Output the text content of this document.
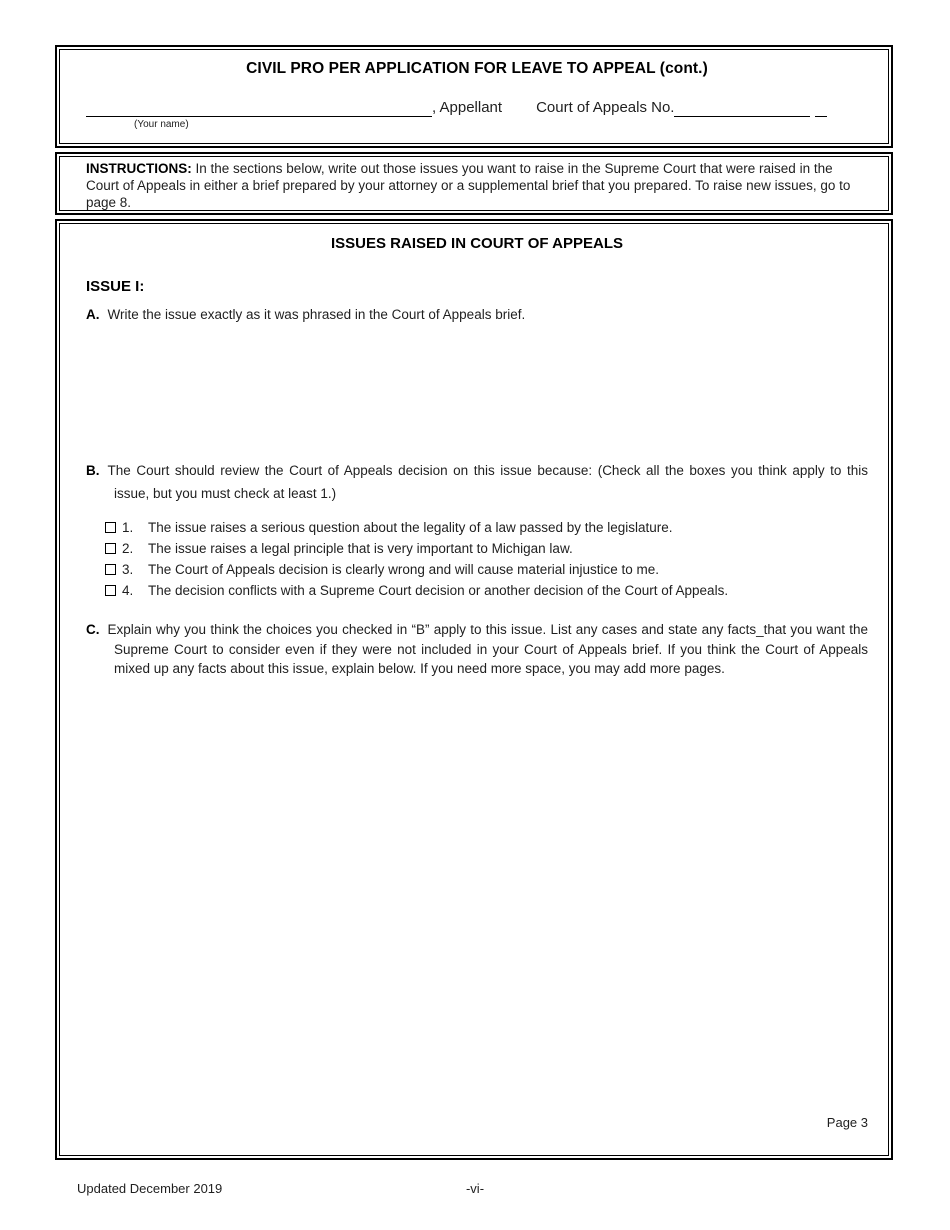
CIVIL PRO PER APPLICATION FOR LEAVE TO APPEAL (cont.)
, Appellant Court of Appeals No.
(Your name)

INSTRUCTIONS: In the sections below, write out those issues you want to raise in the Supreme Court that were raised in the Court of Appeals in either a brief prepared by your attorney or a supplemental brief that you prepared. To raise new issues, go to page 8.

ISSUES RAISED IN COURT OF APPEALS
ISSUE I:

A. Write the issue exactly as it was phrased in the Court of Appeals brief.

B. The Court should review the Court of Appeals decision on this issue because: (Check all the boxes you think apply to this issue, but you must check at least 1.)

1.	The issue raises a serious question about the legality of a law passed by the legislature.
2.	The issue raises a legal principle that is very important to Michigan law.
3.	The Court of Appeals decision is clearly wrong and will cause material injustice to me.
4.	The decision conflicts with a Supreme Court decision or another decision of the Court of Appeals.

C. Explain why you think the choices you checked in “B” apply to this issue. List any cases and state any facts_that you want the Supreme Court to consider even if they were not included in your Court of Appeals brief. If you think the Court of Appeals mixed up any facts about this issue, explain below. If you need more space, you may add more pages.

Page 3
Updated December 2019	-vi-
